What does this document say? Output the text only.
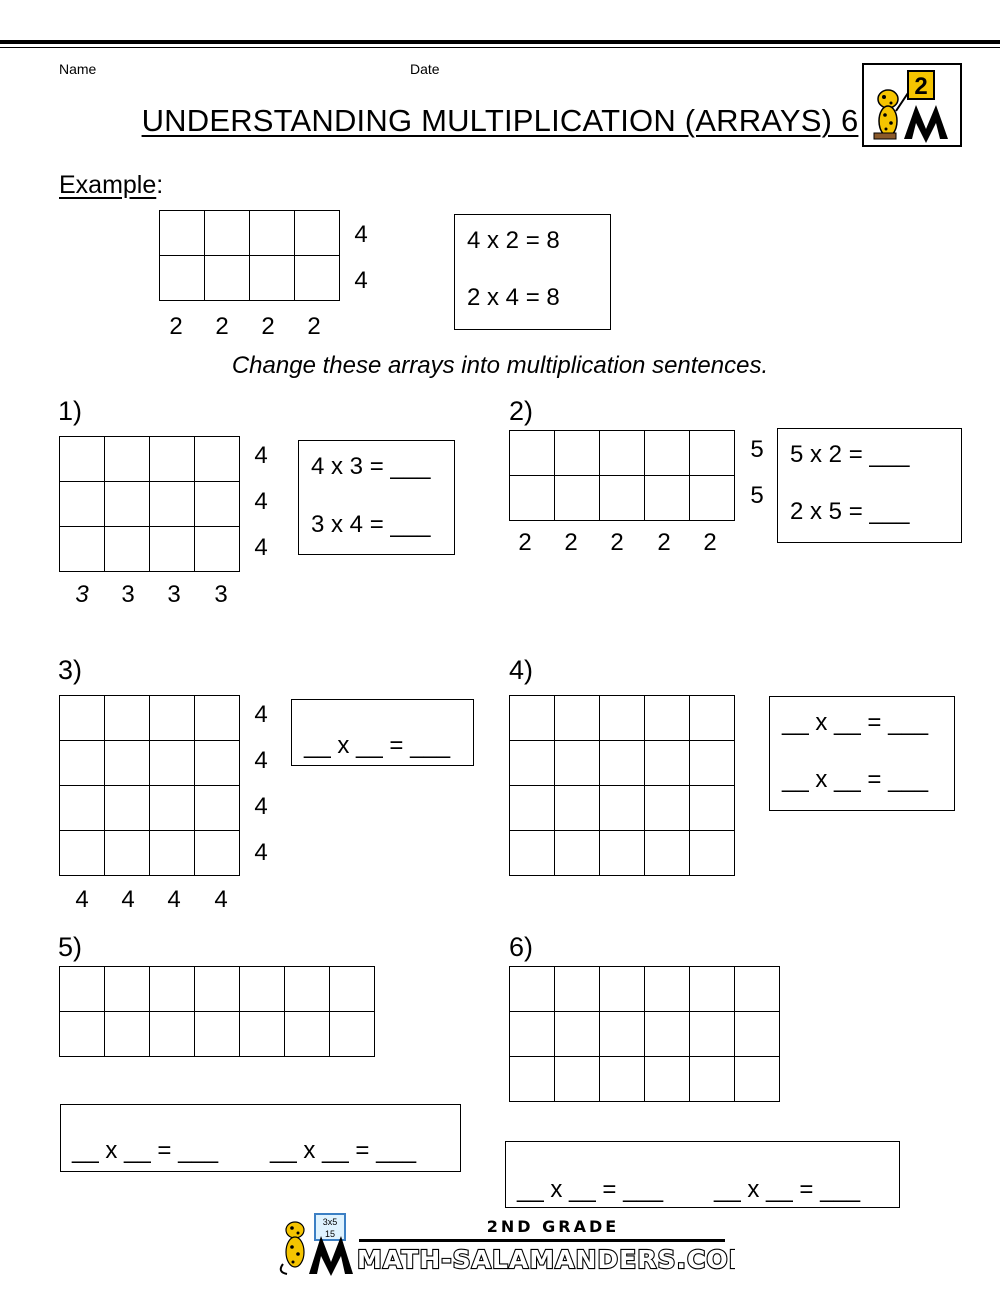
Name	Date
UNDERSTANDING MULTIPLICATION (ARRAYS) 6
2
Example:

4
4
2	2	2	2
4 x 2 = 8
2 x 4 = 8
Change these arrays into multiplication sentences.
1)

4
4
4
3	3	3	3
4 x 3 = ___
3 x 4 = ___
2)

5
5
2	2	2	2	2
5 x 2 = ___
2 x 5 = ___
3)

4
4
4
4
4	4	4	4
__ x __ = ___
4)

__ x __ = ___
__ x __ = ___
5)

__ x __ = ___ __ x __ = ___
6)

__ x __ = ___ __ x __ = ___
3x5
15	2ND GRADE
MATH-SALAMANDERS.COM
